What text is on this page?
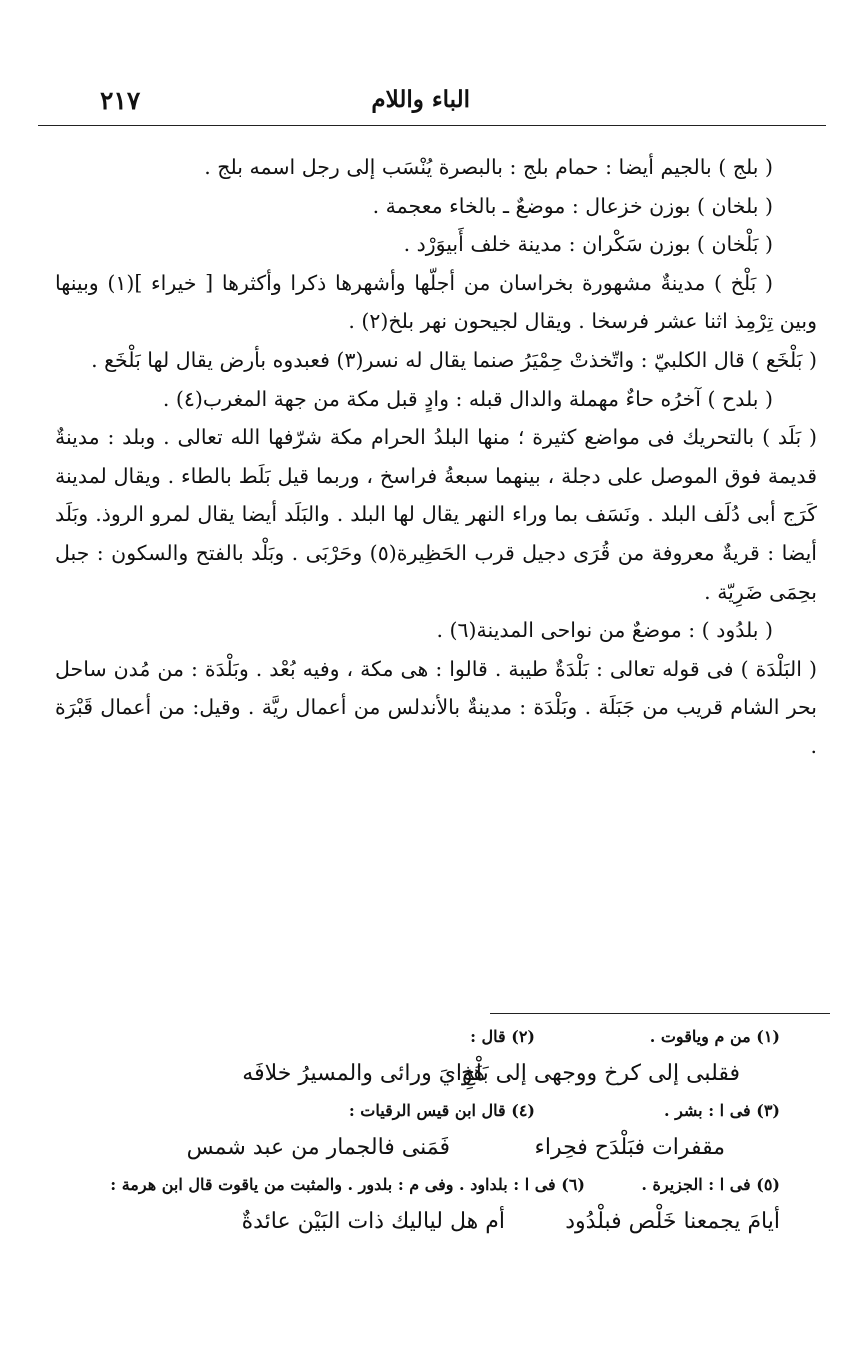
الباء واللام
٢١٧

( بلج ) بالجيم أيضا : حمام بلج : بالبصرة يُنْسَب إلى رجل اسمه بلج .

( بلخان ) بوزن خزعال : موضعٌ ـ بالخاء معجمة .

( بَلْخان ) بوزن سَكْران : مدينة خلف أَبيوَرْد .

( بَلْخ ) مدينةٌ مشهورة بخراسان من أجلّها وأشهرها ذكرا وأكثرها [ خيراء ](١) وبينها وبين تِرْمِذ اثنا عشر فرسخا . ويقال لجيحون نهر بلخ(٢) .

( بَلْخَع ) قال الكلبيّ : واتّخذتْ حِمْيَرُ صنما يقال له نسر(٣) فعبدوه بأرض يقال لها بَلْخَع .

( بلدح ) آخرُه حاءٌ مهملة والدال قبله : وادٍ قبل مكة من جهة المغرب(٤) .

( بَلَد ) بالتحريك فى مواضع كثيرة ؛ منها البلدُ الحرام مكة شرّفها الله تعالى . وبلد : مدينةٌ قديمة فوق الموصل على دجلة ، بينهما سبعةُ فراسخ ، وربما قيل بَلَط بالطاء . ويقال لمدينة كَرَج أبى دُلَف البلد . ونَسَف بما وراء النهر يقال لها البلد . والبَلَد أيضا يقال لمرو الروذ. وبَلَد أيضا : قريةٌ معروفة من قُرَى دجيل قرب الحَظِيرة(٥) وحَرْبَى . وبَلْد بالفتح والسكون : جبل بحِمَى ضَرِيّة .

( بلدُود ) : موضعٌ من نواحى المدينة(٦) .

( البَلْدَة ) فى قوله تعالى : بَلْدَةٌ طيبة . قالوا : هى مكة ، وفيه بُعْد . وبَلْدَة : من مُدن ساحل بحر الشام قريب من جَبَلَة . وبَلْدَة : مدينةٌ بالأندلس من أعمال ريَّة . وقيل: من أعمال قَبْرَة .

(١) من م وياقوت .
(٢) قال :
هَوَايَ ورائى والمسيرُ خلافَه
فقلبى إلى كرخ ووجهى إلى بَلْخِ
(٣) فى ا : بشر .
(٤) قال ابن قيس الرقيات :
فَمَنى فالجمار من عبد شمس	مقفرات فبَلْدَح فحِراء
(٥) فى ا : الجزيرة .
(٦) فى ا : بلداود . وفى م : بلدور . والمثبت من ياقوت قال ابن هرمة :
أم هل لياليك ذات البَيْن عائدةٌ	أيامَ يجمعنا خَلْص فبلْدُود
